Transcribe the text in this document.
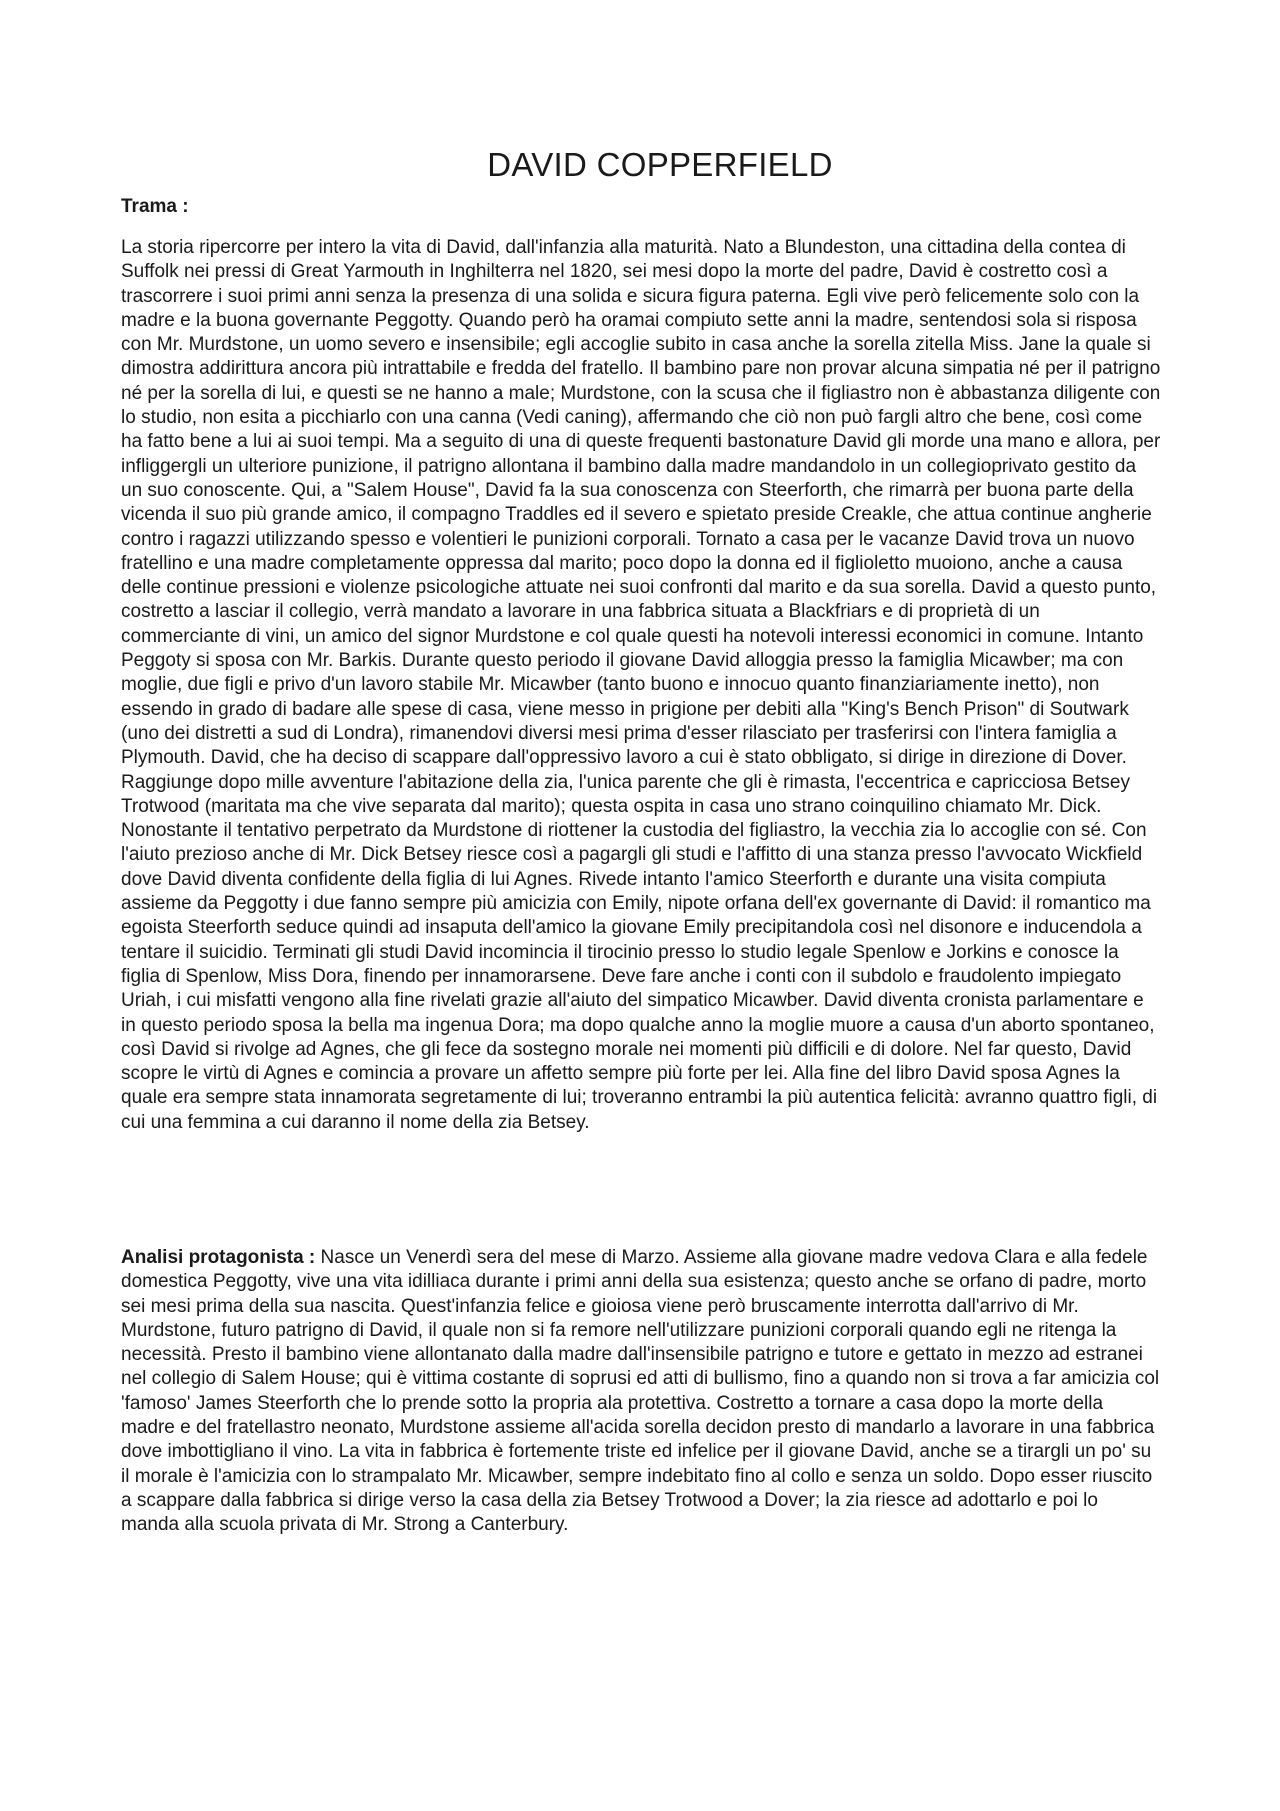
DAVID COPPERFIELD
Trama :

La storia ripercorre per intero la vita di David, dall'infanzia alla maturità. Nato a Blundeston, una cittadina della contea di Suffolk nei pressi di Great Yarmouth in Inghilterra nel 1820, sei mesi dopo la morte del padre, David è costretto così a trascorrere i suoi primi anni senza la presenza di una solida e sicura figura paterna. Egli vive però felicemente solo con la madre e la buona governante Peggotty. Quando però ha oramai compiuto sette anni la madre, sentendosi sola si risposa con Mr. Murdstone, un uomo severo e insensibile; egli accoglie subito in casa anche la sorella zitella Miss. Jane la quale si dimostra addirittura ancora più intrattabile e fredda del fratello. Il bambino pare non provar alcuna simpatia né per il patrigno né per la sorella di lui, e questi se ne hanno a male; Murdstone, con la scusa che il figliastro non è abbastanza diligente con lo studio, non esita a picchiarlo con una canna (Vedi caning), affermando che ciò non può fargli altro che bene, così come ha fatto bene a lui ai suoi tempi. Ma a seguito di una di queste frequenti bastonature David gli morde una mano e allora, per infliggergli un ulteriore punizione, il patrigno allontana il bambino dalla madre mandandolo in un collegioprivato gestito da un suo conoscente. Qui, a "Salem House", David fa la sua conoscenza con Steerforth, che rimarrà per buona parte della vicenda il suo più grande amico, il compagno Traddles ed il severo e spietato preside Creakle, che attua continue angherie contro i ragazzi utilizzando spesso e volentieri le punizioni corporali. Tornato a casa per le vacanze David trova un nuovo fratellino e una madre completamente oppressa dal marito; poco dopo la donna ed il figlioletto muoiono, anche a causa delle continue pressioni e violenze psicologiche attuate nei suoi confronti dal marito e da sua sorella. David a questo punto, costretto a lasciar il collegio, verrà mandato a lavorare in una fabbrica situata a Blackfriars e di proprietà di un commerciante di vini, un amico del signor Murdstone e col quale questi ha notevoli interessi economici in comune. Intanto Peggoty si sposa con Mr. Barkis. Durante questo periodo il giovane David alloggia presso la famiglia Micawber; ma con moglie, due figli e privo d'un lavoro stabile Mr. Micawber (tanto buono e innocuo quanto finanziariamente inetto), non essendo in grado di badare alle spese di casa, viene messo in prigione per debiti alla "King's Bench Prison" di Soutwark (uno dei distretti a sud di Londra), rimanendovi diversi mesi prima d'esser rilasciato per trasferirsi con l'intera famiglia a Plymouth. David, che ha deciso di scappare dall'oppressivo lavoro a cui è stato obbligato, si dirige in direzione di Dover. Raggiunge dopo mille avventure l'abitazione della zia, l'unica parente che gli è rimasta, l'eccentrica e capricciosa Betsey Trotwood (maritata ma che vive separata dal marito); questa ospita in casa uno strano coinquilino chiamato Mr. Dick. Nonostante il tentativo perpetrato da Murdstone di riottener la custodia del figliastro, la vecchia zia lo accoglie con sé. Con l'aiuto prezioso anche di Mr. Dick Betsey riesce così a pagargli gli studi e l'affitto di una stanza presso l'avvocato Wickfield dove David diventa confidente della figlia di lui Agnes. Rivede intanto l'amico Steerforth e durante una visita compiuta assieme da Peggotty i due fanno sempre più amicizia con Emily, nipote orfana dell'ex governante di David: il romantico ma egoista Steerforth seduce quindi ad insaputa dell'amico la giovane Emily precipitandola così nel disonore e inducendola a tentare il suicidio. Terminati gli studi David incomincia il tirocinio presso lo studio legale Spenlow e Jorkins e conosce la figlia di Spenlow, Miss Dora, finendo per innamorarsene. Deve fare anche i conti con il subdolo e fraudolento impiegato Uriah, i cui misfatti vengono alla fine rivelati grazie all'aiuto del simpatico Micawber. David diventa cronista parlamentare e in questo periodo sposa la bella ma ingenua Dora; ma dopo qualche anno la moglie muore a causa d'un aborto spontaneo, così David si rivolge ad Agnes, che gli fece da sostegno morale nei momenti più difficili e di dolore. Nel far questo, David scopre le virtù di Agnes e comincia a provare un affetto sempre più forte per lei. Alla fine del libro David sposa Agnes la quale era sempre stata innamorata segretamente di lui; troveranno entrambi la più autentica felicità: avranno quattro figli, di cui una femmina a cui daranno il nome della zia Betsey.

Analisi protagonista : Nasce un Venerdì sera del mese di Marzo. Assieme alla giovane madre vedova Clara e alla fedele domestica Peggotty, vive una vita idilliaca durante i primi anni della sua esistenza; questo anche se orfano di padre, morto sei mesi prima della sua nascita. Quest'infanzia felice e gioiosa viene però bruscamente interrotta dall'arrivo di Mr. Murdstone, futuro patrigno di David, il quale non si fa remore nell'utilizzare punizioni corporali quando egli ne ritenga la necessità. Presto il bambino viene allontanato dalla madre dall'insensibile patrigno e tutore e gettato in mezzo ad estranei nel collegio di Salem House; qui è vittima costante di soprusi ed atti di bullismo, fino a quando non si trova a far amicizia col 'famoso' James Steerforth che lo prende sotto la propria ala protettiva. Costretto a tornare a casa dopo la morte della madre e del fratellastro neonato, Murdstone assieme all'acida sorella decidon presto di mandarlo a lavorare in una fabbrica dove imbottigliano il vino. La vita in fabbrica è fortemente triste ed infelice per il giovane David, anche se a tirargli un po' su il morale è l'amicizia con lo strampalato Mr. Micawber, sempre indebitato fino al collo e senza un soldo. Dopo esser riuscito a scappare dalla fabbrica si dirige verso la casa della zia Betsey Trotwood a Dover; la zia riesce ad adottarlo e poi lo manda alla scuola privata di Mr. Strong a Canterbury.
